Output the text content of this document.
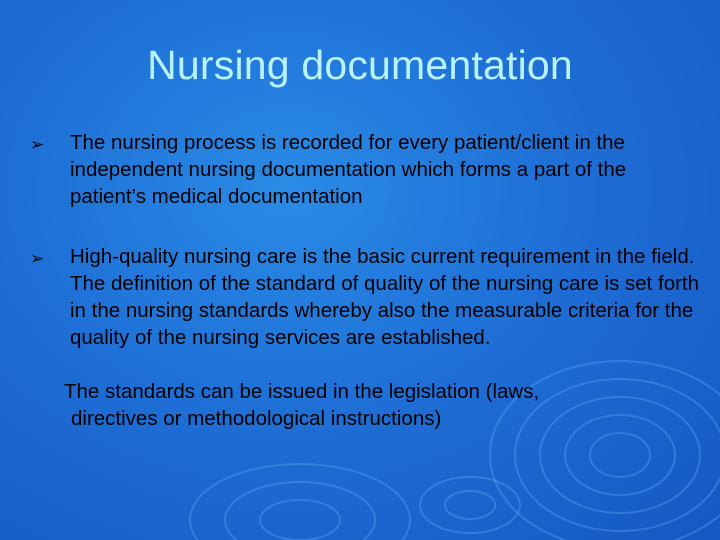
Nursing documentation
➢	The nursing process is recorded for every patient/client in the independent nursing documentation which forms a part of the patient’s medical documentation
➢	High-quality nursing care is the basic current requirement in the field. The definition of the standard of quality of the nursing care is set forth in the nursing standards whereby also the measurable criteria for the quality of the nursing services are established.
The standards can be issued in the legislation (laws,
directives or methodological instructions)
